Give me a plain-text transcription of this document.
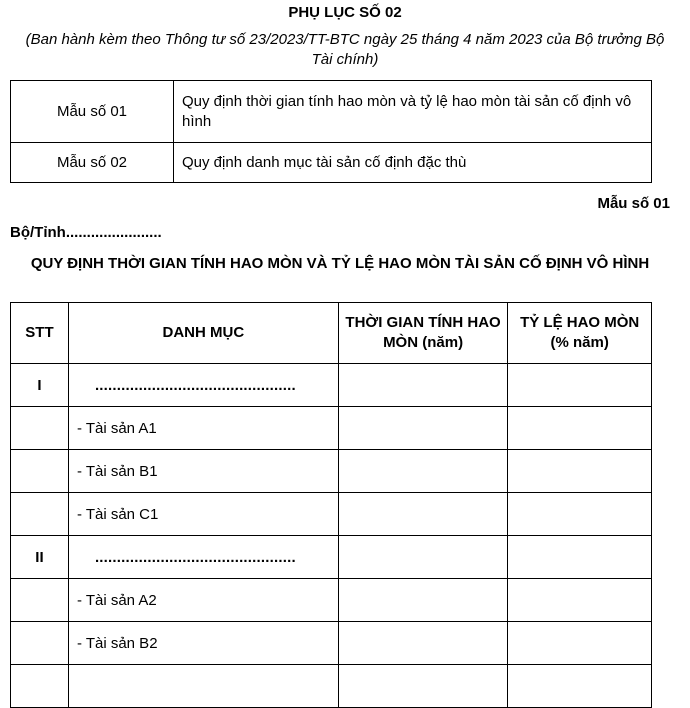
PHỤ LỤC SỐ 02
(Ban hành kèm theo Thông tư số 23/2023/TT-BTC ngày 25 tháng 4 năm 2023 của Bộ trưởng Bộ Tài chính)
Mẫu số 01	Quy định thời gian tính hao mòn và tỷ lệ hao mòn tài sản cố định vô hình
Mẫu số 02	Quy định danh mục tài sản cố định đặc thù
Mẫu số 01
Bộ/Tỉnh.......................
QUY ĐỊNH THỜI GIAN TÍNH HAO MÒN VÀ TỶ LỆ HAO MÒN TÀI SẢN CỐ ĐỊNH VÔ HÌNH
STT	DANH MỤC	THỜI GIAN TÍNH HAO MÒN (năm)	TỶ LỆ HAO MÒN (% năm)
I	..............................................		
	- Tài sản A1		
	- Tài sản B1		
	- Tài sản C1		
II	..............................................		
	- Tài sản A2		
	- Tài sản B2		
